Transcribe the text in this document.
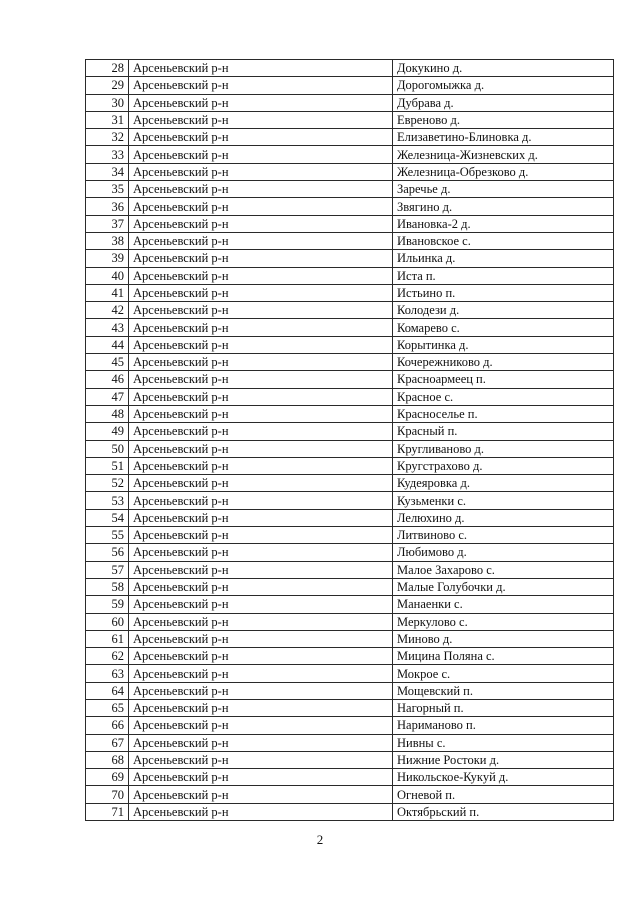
28	Арсеньевский р-н	Докукино д.
29	Арсеньевский р-н	Дорогомыжка д.
30	Арсеньевский р-н	Дубрава д.
31	Арсеньевский р-н	Евреново д.
32	Арсеньевский р-н	Елизаветино-Блиновка д.
33	Арсеньевский р-н	Железница-Жизневских д.
34	Арсеньевский р-н	Железница-Обрезково д.
35	Арсеньевский р-н	Заречье д.
36	Арсеньевский р-н	Звягино д.
37	Арсеньевский р-н	Ивановка-2 д.
38	Арсеньевский р-н	Ивановское с.
39	Арсеньевский р-н	Ильинка д.
40	Арсеньевский р-н	Иста п.
41	Арсеньевский р-н	Истьино п.
42	Арсеньевский р-н	Колодези д.
43	Арсеньевский р-н	Комарево с.
44	Арсеньевский р-н	Корытинка д.
45	Арсеньевский р-н	Кочережниково д.
46	Арсеньевский р-н	Красноармеец п.
47	Арсеньевский р-н	Красное с.
48	Арсеньевский р-н	Красноселье п.
49	Арсеньевский р-н	Красный п.
50	Арсеньевский р-н	Кругливаново д.
51	Арсеньевский р-н	Кругстрахово д.
52	Арсеньевский р-н	Кудеяровка д.
53	Арсеньевский р-н	Кузьменки с.
54	Арсеньевский р-н	Лелюхино д.
55	Арсеньевский р-н	Литвиново с.
56	Арсеньевский р-н	Любимово д.
57	Арсеньевский р-н	Малое Захарово с.
58	Арсеньевский р-н	Малые Голубочки д.
59	Арсеньевский р-н	Манаенки с.
60	Арсеньевский р-н	Меркулово с.
61	Арсеньевский р-н	Миново д.
62	Арсеньевский р-н	Мицина Поляна с.
63	Арсеньевский р-н	Мокрое с.
64	Арсеньевский р-н	Мощевский п.
65	Арсеньевский р-н	Нагорный п.
66	Арсеньевский р-н	Нариманово п.
67	Арсеньевский р-н	Нивны с.
68	Арсеньевский р-н	Нижние Ростоки д.
69	Арсеньевский р-н	Никольское-Кукуй д.
70	Арсеньевский р-н	Огневой п.
71	Арсеньевский р-н	Октябрьский п.
2
